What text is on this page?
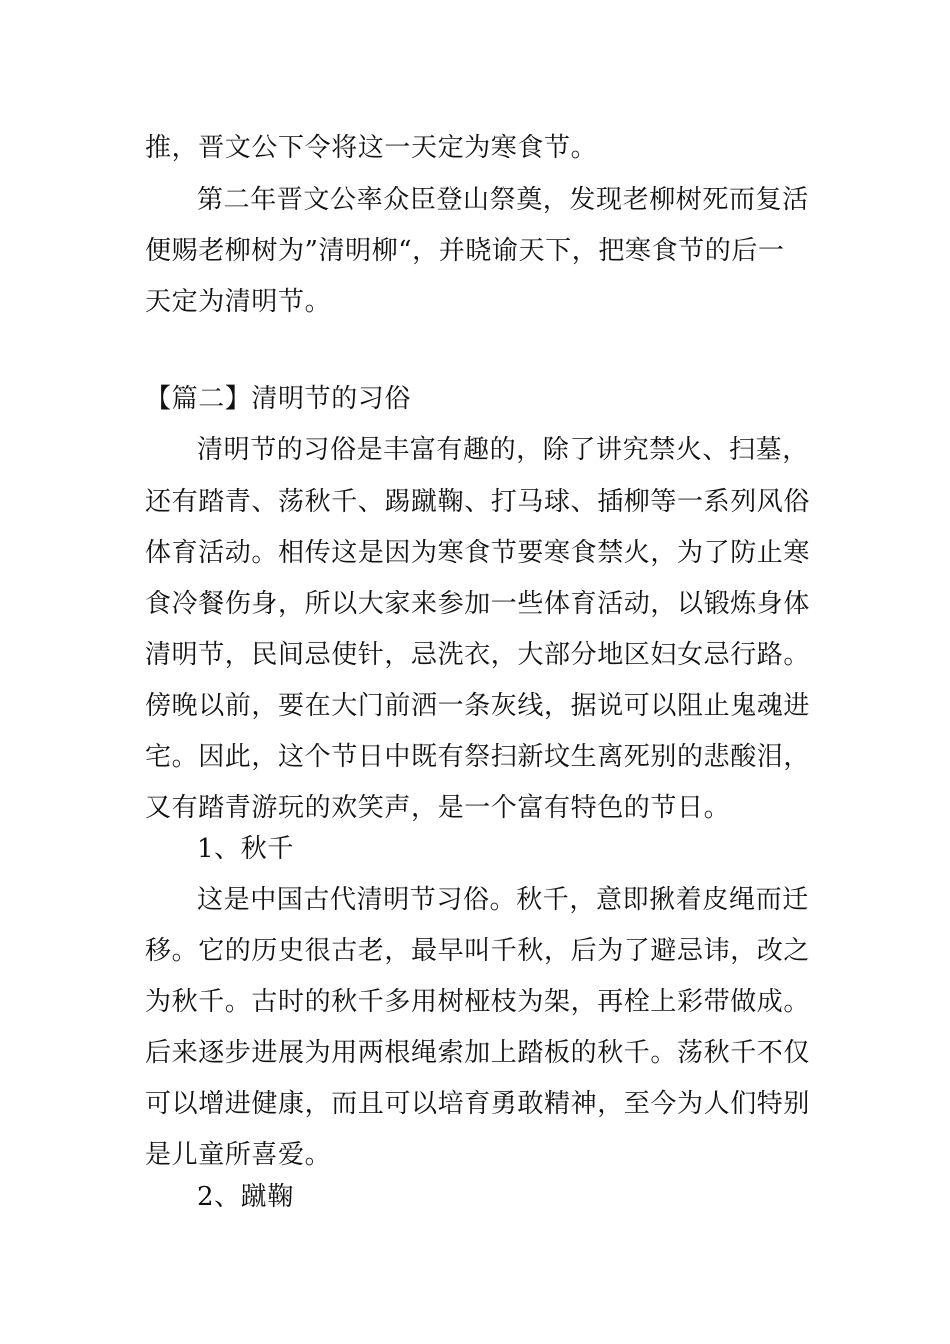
推，晋文公下令将这一天定为寒食节。
第二年晋文公率众臣登山祭奠，发现老柳树死而复活
便赐老柳树为”清明柳“，并晓谕天下，把寒食节的后一
天定为清明节。
【篇二】清明节的习俗
清明节的习俗是丰富有趣的，除了讲究禁火、扫墓，
还有踏青、荡秋千、踢蹴鞠、打马球、插柳等一系列风俗
体育活动。相传这是因为寒食节要寒食禁火，为了防止寒
食冷餐伤身，所以大家来参加一些体育活动，以锻炼身体
清明节，民间忌使针，忌洗衣，大部分地区妇女忌行路。
傍晚以前，要在大门前洒一条灰线，据说可以阻止鬼魂进
宅。因此，这个节日中既有祭扫新坟生离死别的悲酸泪，
又有踏青游玩的欢笑声，是一个富有特色的节日。
1、秋千
这是中国古代清明节习俗。秋千，意即揪着皮绳而迁
移。它的历史很古老，最早叫千秋，后为了避忌讳，改之
为秋千。古时的秋千多用树桠枝为架，再栓上彩带做成。
后来逐步进展为用两根绳索加上踏板的秋千。荡秋千不仅
可以增进健康，而且可以培育勇敢精神，至今为人们特别
是儿童所喜爱。
2、蹴鞠
